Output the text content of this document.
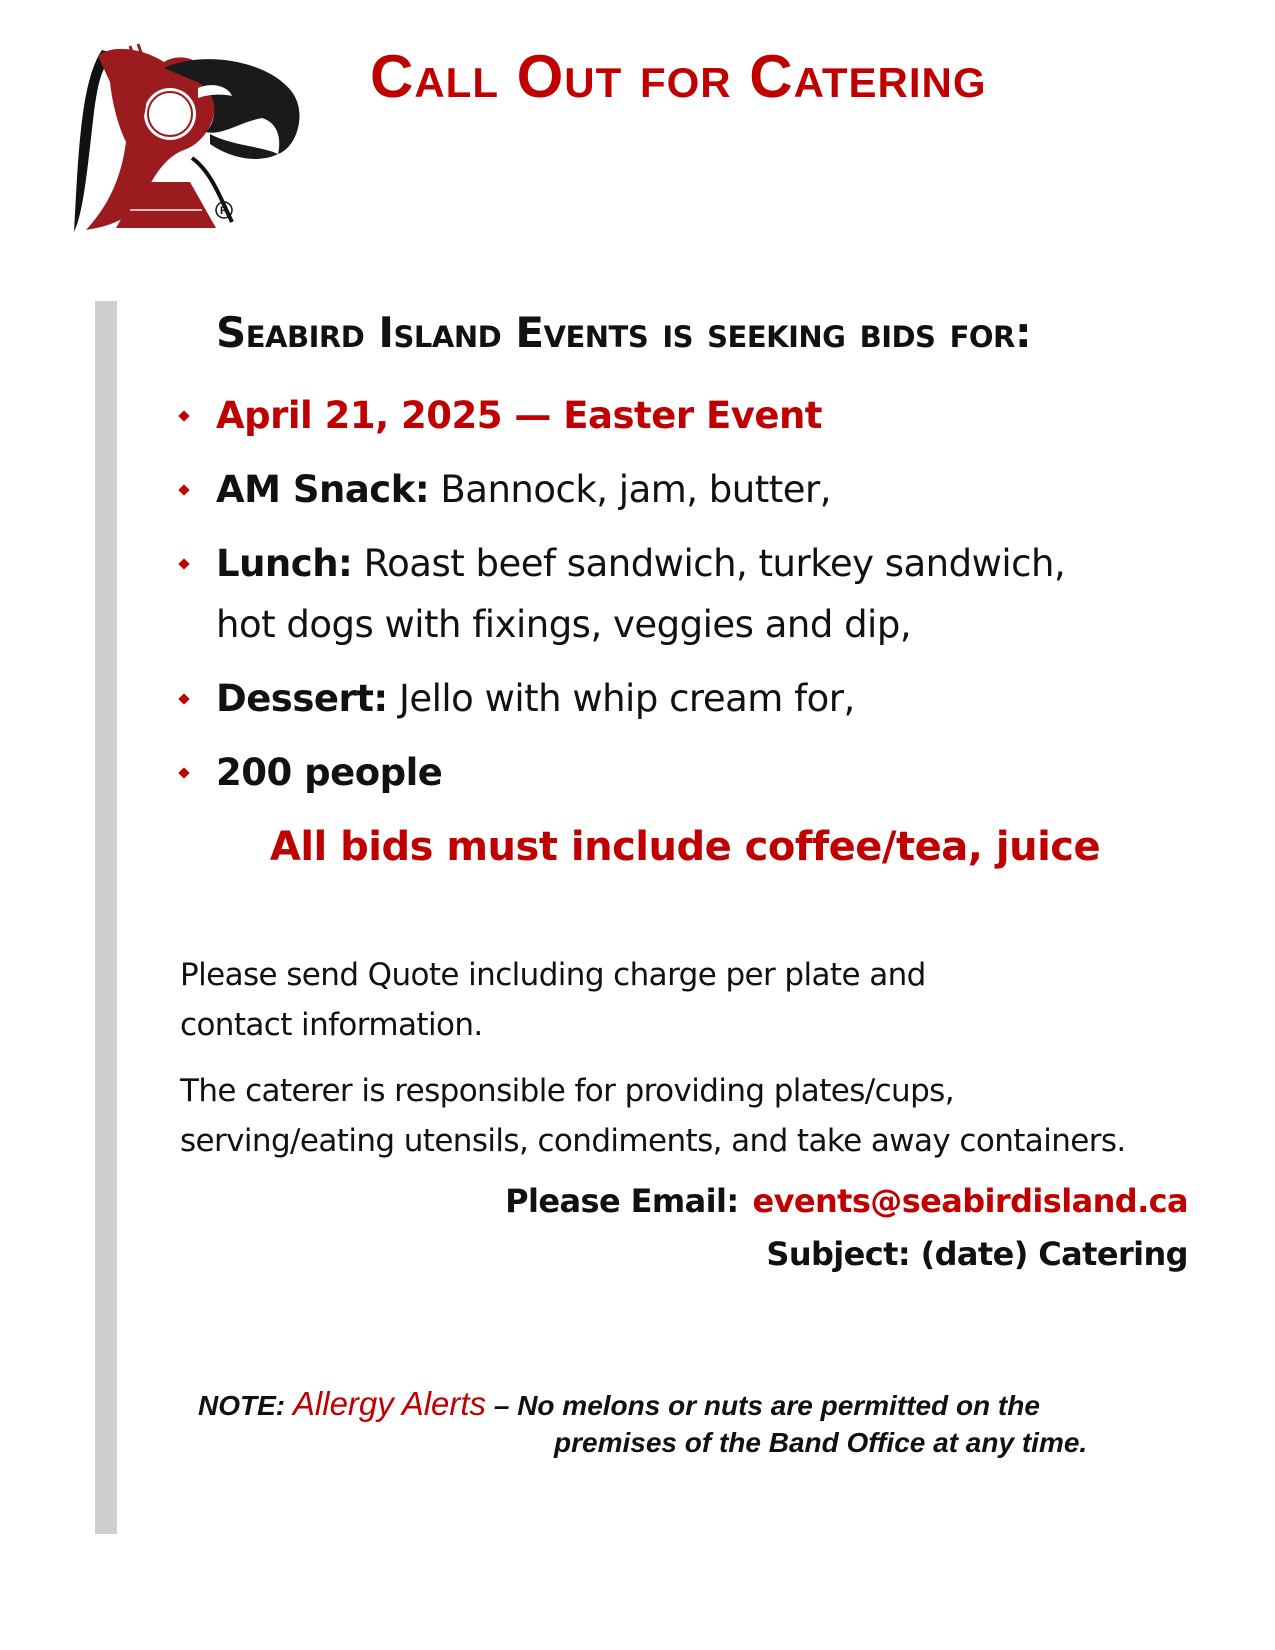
R
Call Out for Catering
Seabird Island Events is seeking bids for:
April 21, 2025 — Easter Event
AM Snack: Bannock, jam, butter,
Lunch: Roast beef sandwich, turkey sandwich,
hot dogs with fixings, veggies and dip,
Dessert: Jello with whip cream for,
200 people
All bids must include coffee/tea, juice
Please send Quote including charge per plate and
contact information.
The caterer is responsible for providing plates/cups,
serving/eating utensils, condiments, and take away containers.
Please Email: events@seabirdisland.ca
Subject: (date) Catering
NOTE: Allergy Alerts – No melons or nuts are permitted on the
premises of the Band Office at any time.
